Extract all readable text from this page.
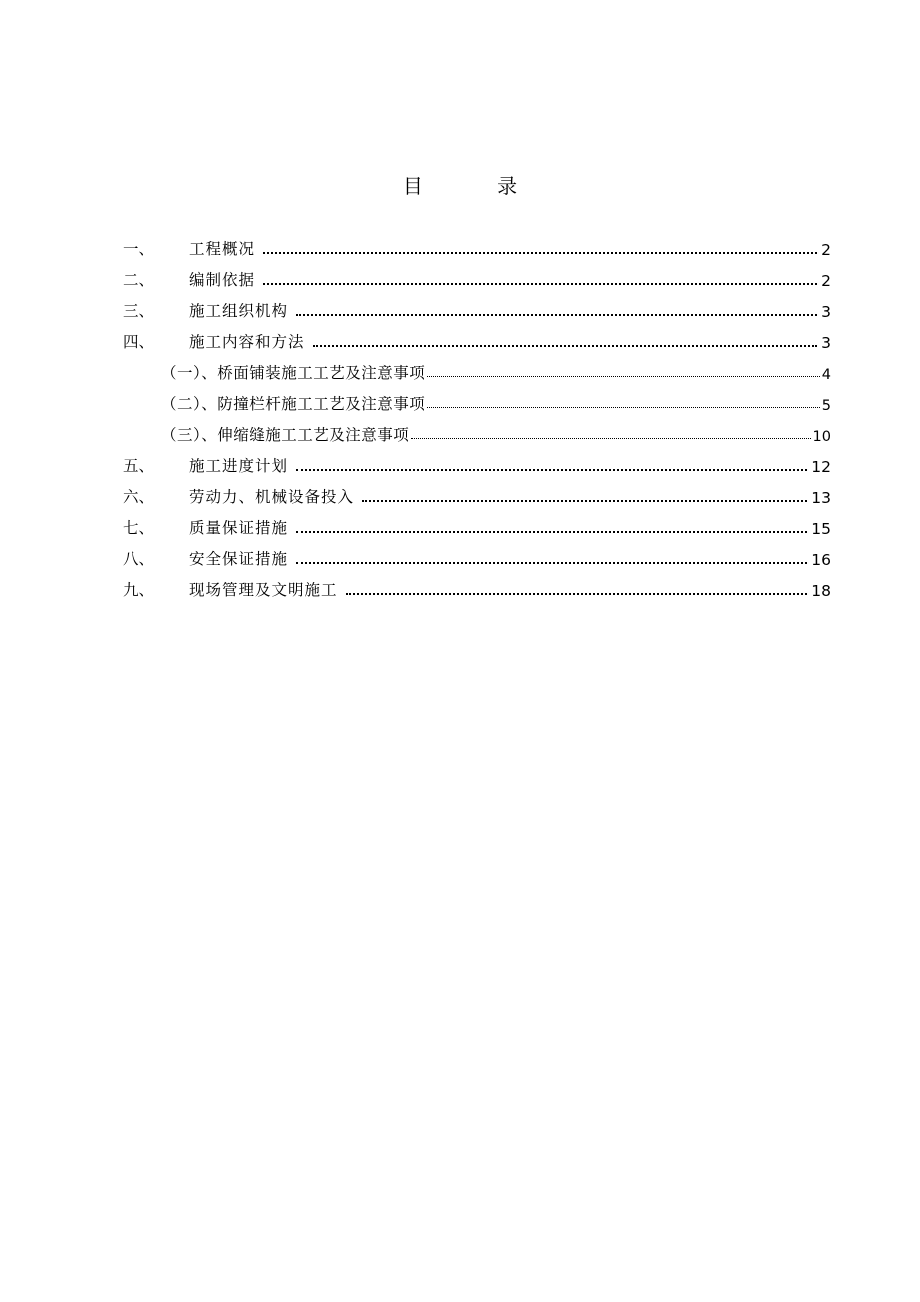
目 录
一、	工程概况	2
二、	编制依据	2
三、	施工组织机构	3
四、	施工内容和方法	3
（一）、桥面铺装施工工艺及注意事项	4
（二）、防撞栏杆施工工艺及注意事项	5
（三）、伸缩缝施工工艺及注意事项	10
五、	施工进度计划	12
六、	劳动力、机械设备投入	13
七、	质量保证措施	15
八、	安全保证措施	16
九、	现场管理及文明施工	18
